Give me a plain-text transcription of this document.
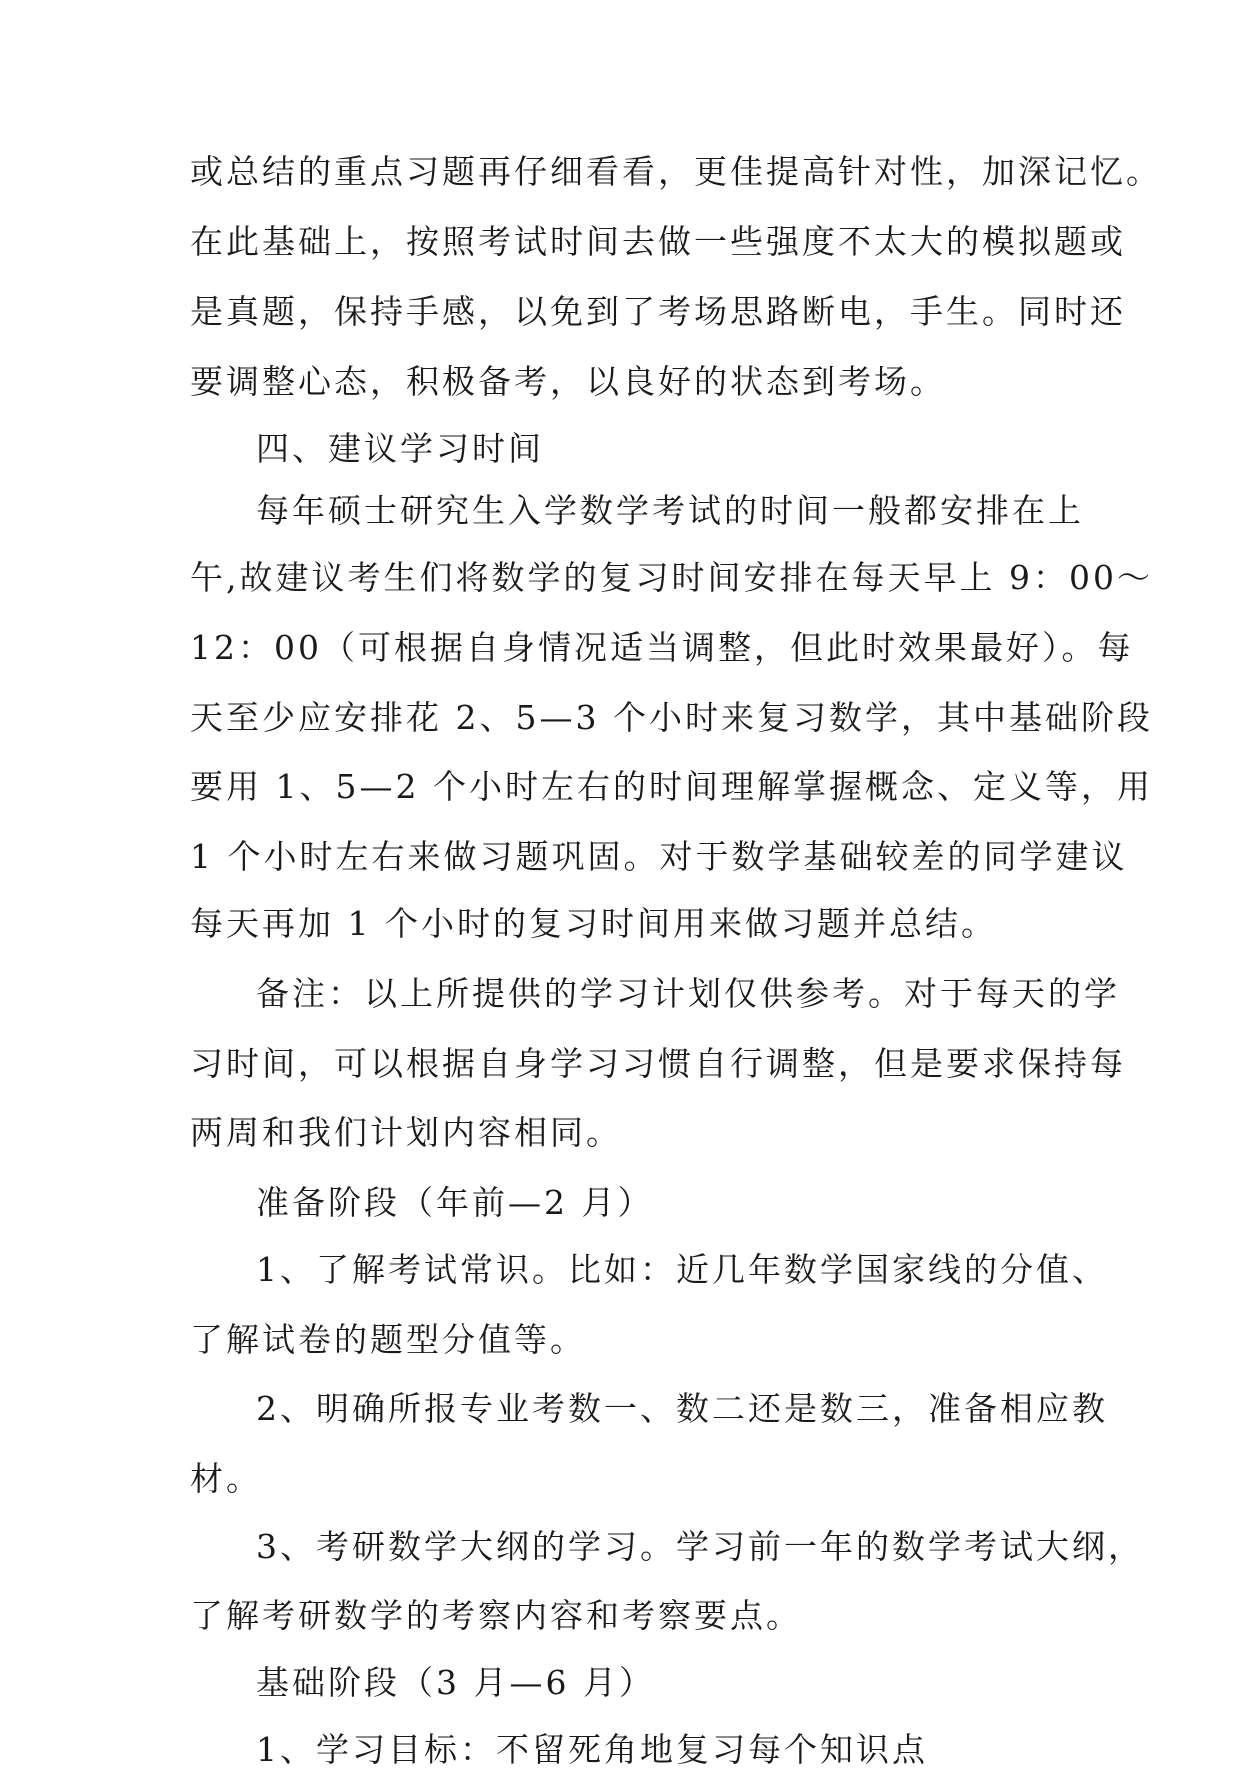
或总结的重点习题再仔细看看，更佳提高针对性，加深记忆。
在此基础上，按照考试时间去做一些强度不太大的模拟题或
是真题，保持手感，以免到了考场思路断电，手生。同时还
要调整心态，积极备考，以良好的状态到考场。
四、建议学习时间
每年硕士研究生入学数学考试的时间一般都安排在上
午,故建议考生们将数学的复习时间安排在每天早上 9：00～
12：00（可根据自身情况适当调整，但此时效果最好）。每
天至少应安排花 2、5—3 个小时来复习数学，其中基础阶段
要用 1、5—2 个小时左右的时间理解掌握概念、定义等，用
1 个小时左右来做习题巩固。对于数学基础较差的同学建议
每天再加 1 个小时的复习时间用来做习题并总结。
备注：以上所提供的学习计划仅供参考。对于每天的学
习时间，可以根据自身学习习惯自行调整，但是要求保持每
两周和我们计划内容相同。
准备阶段（年前—2 月）
1、了解考试常识。比如：近几年数学国家线的分值、
了解试卷的题型分值等。
2、明确所报专业考数一、数二还是数三，准备相应教
材。
3、考研数学大纲的学习。学习前一年的数学考试大纲，
了解考研数学的考察内容和考察要点。
基础阶段（3 月—6 月）
1、学习目标：不留死角地复习每个知识点
